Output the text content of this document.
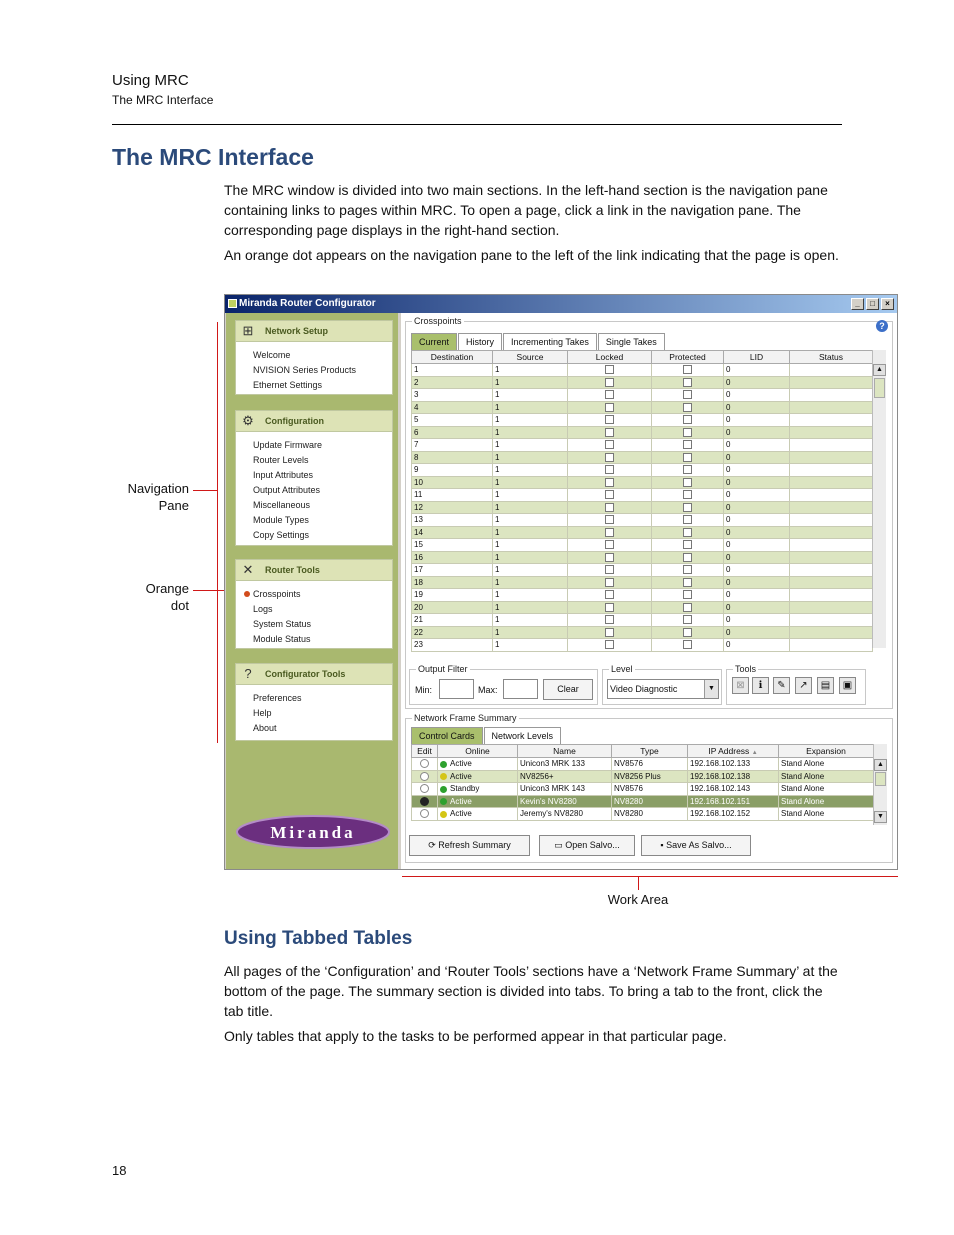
Using MRC
The MRC Interface
The MRC Interface
The MRC window is divided into two main sections. In the left-hand section is the navigation pane containing links to pages within MRC. To open a page, click a link in the navigation pane. The corresponding page displays in the right-hand section.
An orange dot appears on the navigation pane to the left of the link indicating that the page is open.
Navigation
Pane
Orange
dot
Work Area
Miranda Router Configurator	_	□	×
⊞	Network Setup
Welcome
NVISION Series Products
Ethernet Settings
⚙	Configuration
Update Firmware
Router Levels
Input Attributes
Output Attributes
Miscellaneous
Module Types
Copy Settings
✕	Router Tools
Crosspoints
Logs
System Status
Module Status
?	Configurator Tools
Preferences
Help
About
Miranda
Crosspoints	?
Current	History	Incrementing Takes	Single Takes
Destination	Source	Locked	Protected	LID	Status
1	1			0	
2	1			0	
3	1			0	
4	1			0	
5	1			0	
6	1			0	
7	1			0	
8	1			0	
9	1			0	
10	1			0	
11	1			0	
12	1			0	
13	1			0	
14	1			0	
15	1			0	
16	1			0	
17	1			0	
18	1			0	
19	1			0	
20	1			0	
21	1			0	
22	1			0	
23	1			0	
▲
Output Filter
Min:	Max:	Clear
Level
Video Diagnostic	▼
Tools
⊠	ℹ	✎	↗	▤	▣
Network Frame Summary
Control Cards	Network Levels
Edit	Online	Name	Type	IP Address ▲	Expansion
	Active	Unicon3 MRK 133	NV8576	192.168.102.133	Stand Alone
	Active	NV8256+	NV8256 Plus	192.168.102.138	Stand Alone
	Standby	Unicon3 MRK 143	NV8576	192.168.102.143	Stand Alone
	Active	Kevin's NV8280	NV8280	192.168.102.151	Stand Alone
	Active	Jeremy's NV8280	NV8280	192.168.102.152	Stand Alone
▲
▼
⟳ Refresh Summary	▭ Open Salvo...	▪ Save As Salvo...
Using Tabbed Tables
All pages of the ‘Configuration’ and ‘Router Tools’ sections have a ‘Network Frame Summary’ at the bottom of the page. The summary section is divided into tabs. To bring a tab to the front, click the tab title.
Only tables that apply to the tasks to be performed appear in that particular page.
18
